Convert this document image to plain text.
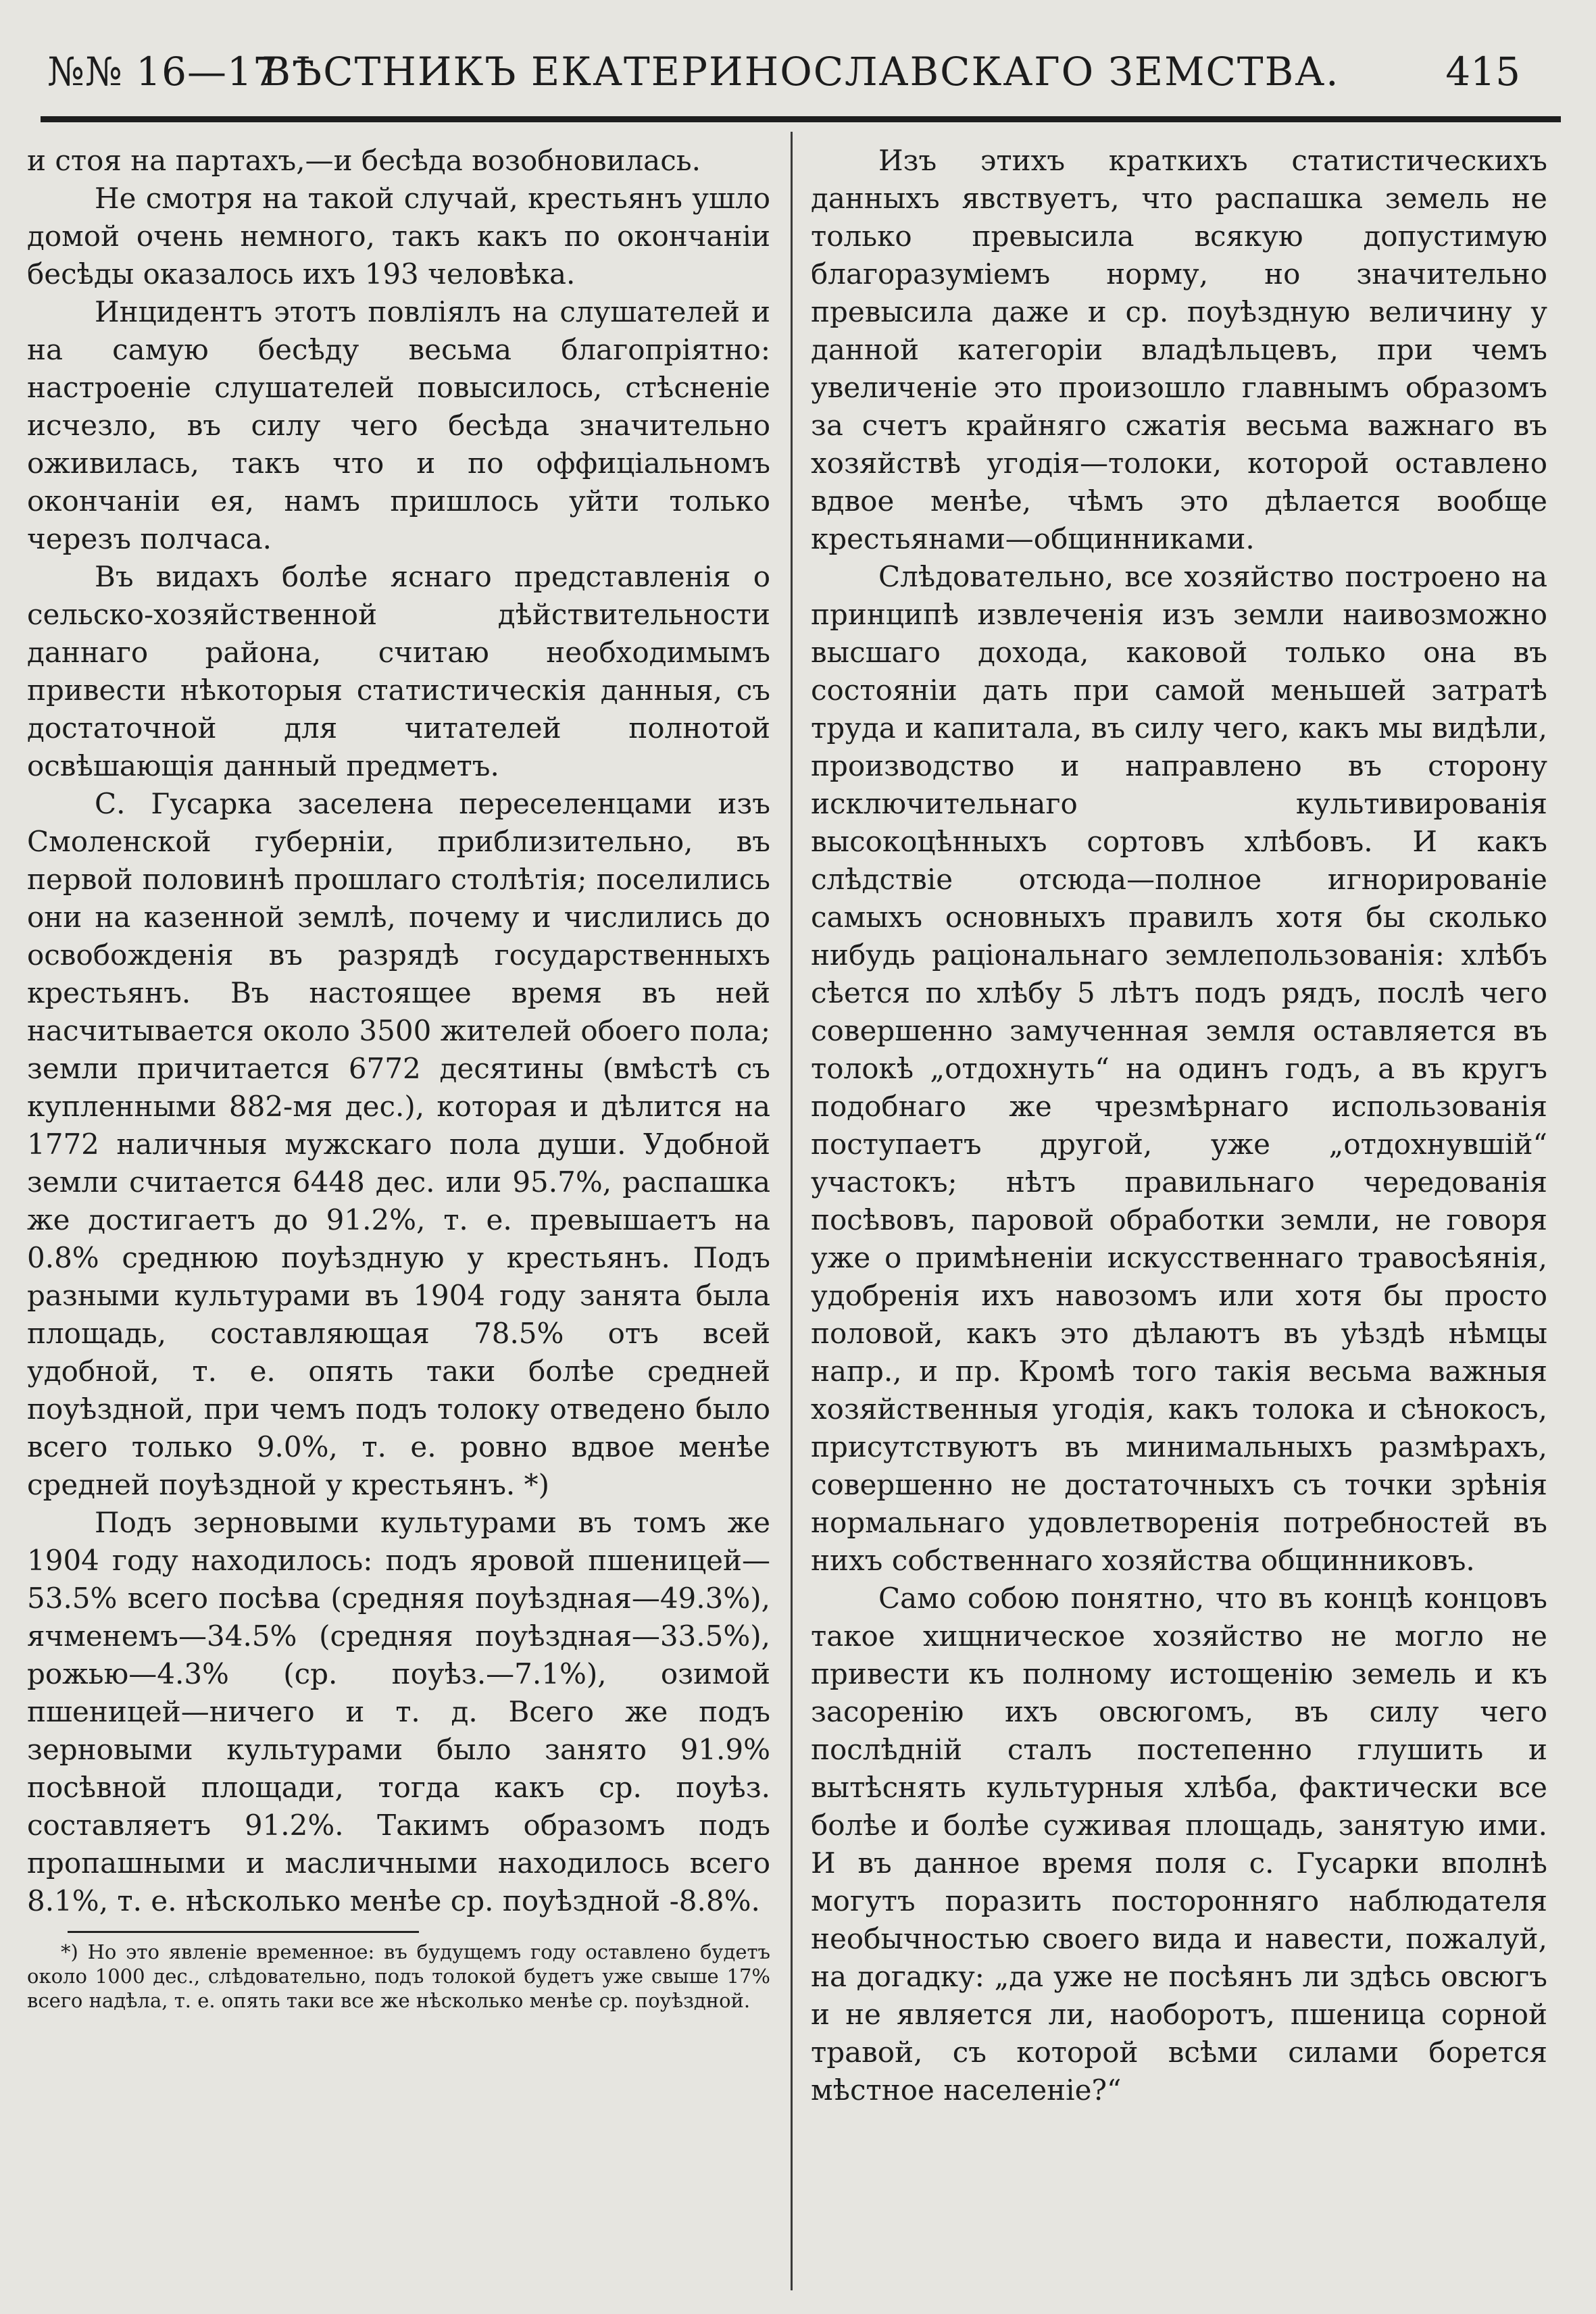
№№ 16—17
ВѢСТНИКЪ ЕКАТЕРИНОСЛАВСКАГО ЗЕМСТВА.	415

и стоя на партахъ,—и бесѣда возобновилась.

Не смотря на такой случай, крестьянъ ушло домой очень немного, такъ какъ по окончаніи бесѣды оказалось ихъ 193 человѣка.

Инцидентъ этотъ повліялъ на слушателей и на самую бесѣду весьма благопріятно: настроеніе слушателей повысилось, стѣсненіе исчезло, въ силу чего бесѣда значительно оживилась, такъ что и по оффиціальномъ окончаніи ея, намъ пришлось уйти только черезъ полчаса.

Въ видахъ болѣе яснаго представленія о сельско-хозяйственной дѣйствительности даннаго района, считаю необходимымъ привести нѣкоторыя статистическія данныя, съ достаточной для читателей полнотой освѣшающія данный предметъ.

С. Гусарка заселена переселенцами изъ Смоленской губерніи, приблизительно, въ первой половинѣ прошлаго столѣтія; поселились они на казенной землѣ, почему и числились до освобожденія въ разрядѣ государственныхъ крестьянъ. Въ настоящее время въ ней насчитывается около 3500 жителей обоего пола; земли причитается 6772 десятины (вмѣстѣ съ купленными 882-мя дес.), которая и дѣлится на 1772 наличныя мужскаго пола души. Удобной земли считается 6448 дес. или 95.7%, распашка же достигаетъ до 91.2%, т. е. превышаетъ на 0.8% среднюю поуѣздную у крестьянъ. Подъ разными культурами въ 1904 году занята была площадь, составляющая 78.5% отъ всей удобной, т. е. опять таки болѣе средней поуѣздной, при чемъ подъ толоку отведено было всего только 9.0%, т. е. ровно вдвое менѣе средней поуѣздной у крестьянъ. *)

Подъ зерновыми культурами въ томъ же 1904 году находилось: подъ яровой пшеницей—53.5% всего посѣва (средняя поуѣздная—49.3%), ячменемъ—34.5% (средняя поуѣздная—33.5%), рожью—4.3% (ср. поуѣз.—7.1%), озимой пшеницей—ничего и т. д. Всего же подъ зерновыми культурами было занято 91.9% посѣвной площади, тогда какъ ср. поуѣз. составляетъ 91.2%. Такимъ образомъ подъ пропашными и масличными находилось всего 8.1%, т. е. нѣсколько менѣе ср. поуѣздной -8.8%.

*) Но это явленіе временное: въ будущемъ году оставлено будетъ около 1000 дес., слѣдовательно, подъ толокой будетъ уже свыше 17% всего надѣла, т. е. опять таки все же нѣсколько менѣе ср. поуѣздной.

Изъ этихъ краткихъ статистическихъ данныхъ явствуетъ, что распашка земель не только превысила всякую допустимую благоразуміемъ норму, но значительно превысила даже и ср. поуѣздную величину у данной категоріи владѣльцевъ, при чемъ увеличеніе это произошло главнымъ образомъ за счетъ крайняго сжатія весьма важнаго въ хозяйствѣ угодія—толоки, которой оставлено вдвое менѣе, чѣмъ это дѣлается вообще крестьянами—общинниками.

Слѣдовательно, все хозяйство построено на принципѣ извлеченія изъ земли наивозможно высшаго дохода, каковой только она въ состояніи дать при самой меньшей затратѣ труда и капитала, въ силу чего, какъ мы видѣли, производство и направлено въ сторону исключительнаго культивированія высокоцѣнныхъ сортовъ хлѣбовъ. И какъ слѣдствіе отсюда—полное игнорированіе самыхъ основныхъ правилъ хотя бы сколько нибудь раціональнаго землепользованія: хлѣбъ сѣется по хлѣбу 5 лѣтъ подъ рядъ, послѣ чего совершенно замученная земля оставляется въ толокѣ „отдохнуть“ на одинъ годъ, а въ кругъ подобнаго же чрезмѣрнаго использованія поступаетъ другой, уже „отдохнувшій“ участокъ; нѣтъ правильнаго чередованія посѣвовъ, паровой обработки земли, не говоря уже о примѣненіи искусственнаго травосѣянія, удобренія ихъ навозомъ или хотя бы просто половой, какъ это дѣлаютъ въ уѣздѣ нѣмцы напр., и пр. Кромѣ того такія весьма важныя хозяйственныя угодія, какъ толока и сѣнокосъ, присутствуютъ въ минимальныхъ размѣрахъ, совершенно не достаточныхъ съ точки зрѣнія нормальнаго удовлетворенія потребностей въ нихъ собственнаго хозяйства общинниковъ.

Само собою понятно, что въ концѣ концовъ такое хищническое хозяйство не могло не привести къ полному истощенію земель и къ засоренію ихъ овсюгомъ, въ силу чего послѣдній сталъ постепенно глушить и вытѣснять культурныя хлѣба, фактически все болѣе и болѣе суживая площадь, занятую ими. И въ данное время поля с. Гусарки вполнѣ могутъ поразить посторонняго наблюдателя необычностью своего вида и навести, пожалуй, на догадку: „да уже не посѣянъ ли здѣсь овсюгъ и не является ли, наоборотъ, пшеница сорной травой, съ которой всѣми силами борется мѣстное населеніе?“
